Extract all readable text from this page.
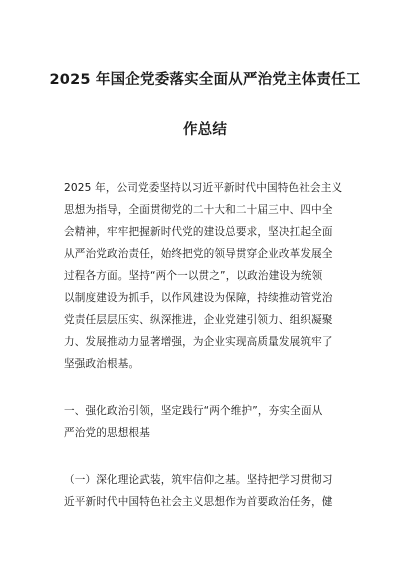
2025 年国企党委落实全面从严治党主体责任工
作总结
2025 年，公司党委坚持以习近平新时代中国特色社会主义
思想为指导，全面贯彻党的二十大和二十届三中、四中全
会精神，牢牢把握新时代党的建设总要求，坚决扛起全面
从严治党政治责任，始终把党的领导贯穿企业改革发展全
过程各方面。坚持“两个一以贯之”，以政治建设为统领
以制度建设为抓手，以作风建设为保障，持续推动管党治
党责任层层压实、纵深推进，企业党建引领力、组织凝聚
力、发展推动力显著增强，为企业实现高质量发展筑牢了
坚强政治根基。
一、强化政治引领，坚定践行“两个维护”，夯实全面从
严治党的思想根基
（一）深化理论武装，筑牢信仰之基。坚持把学习贯彻习
近平新时代中国特色社会主义思想作为首要政治任务，健
